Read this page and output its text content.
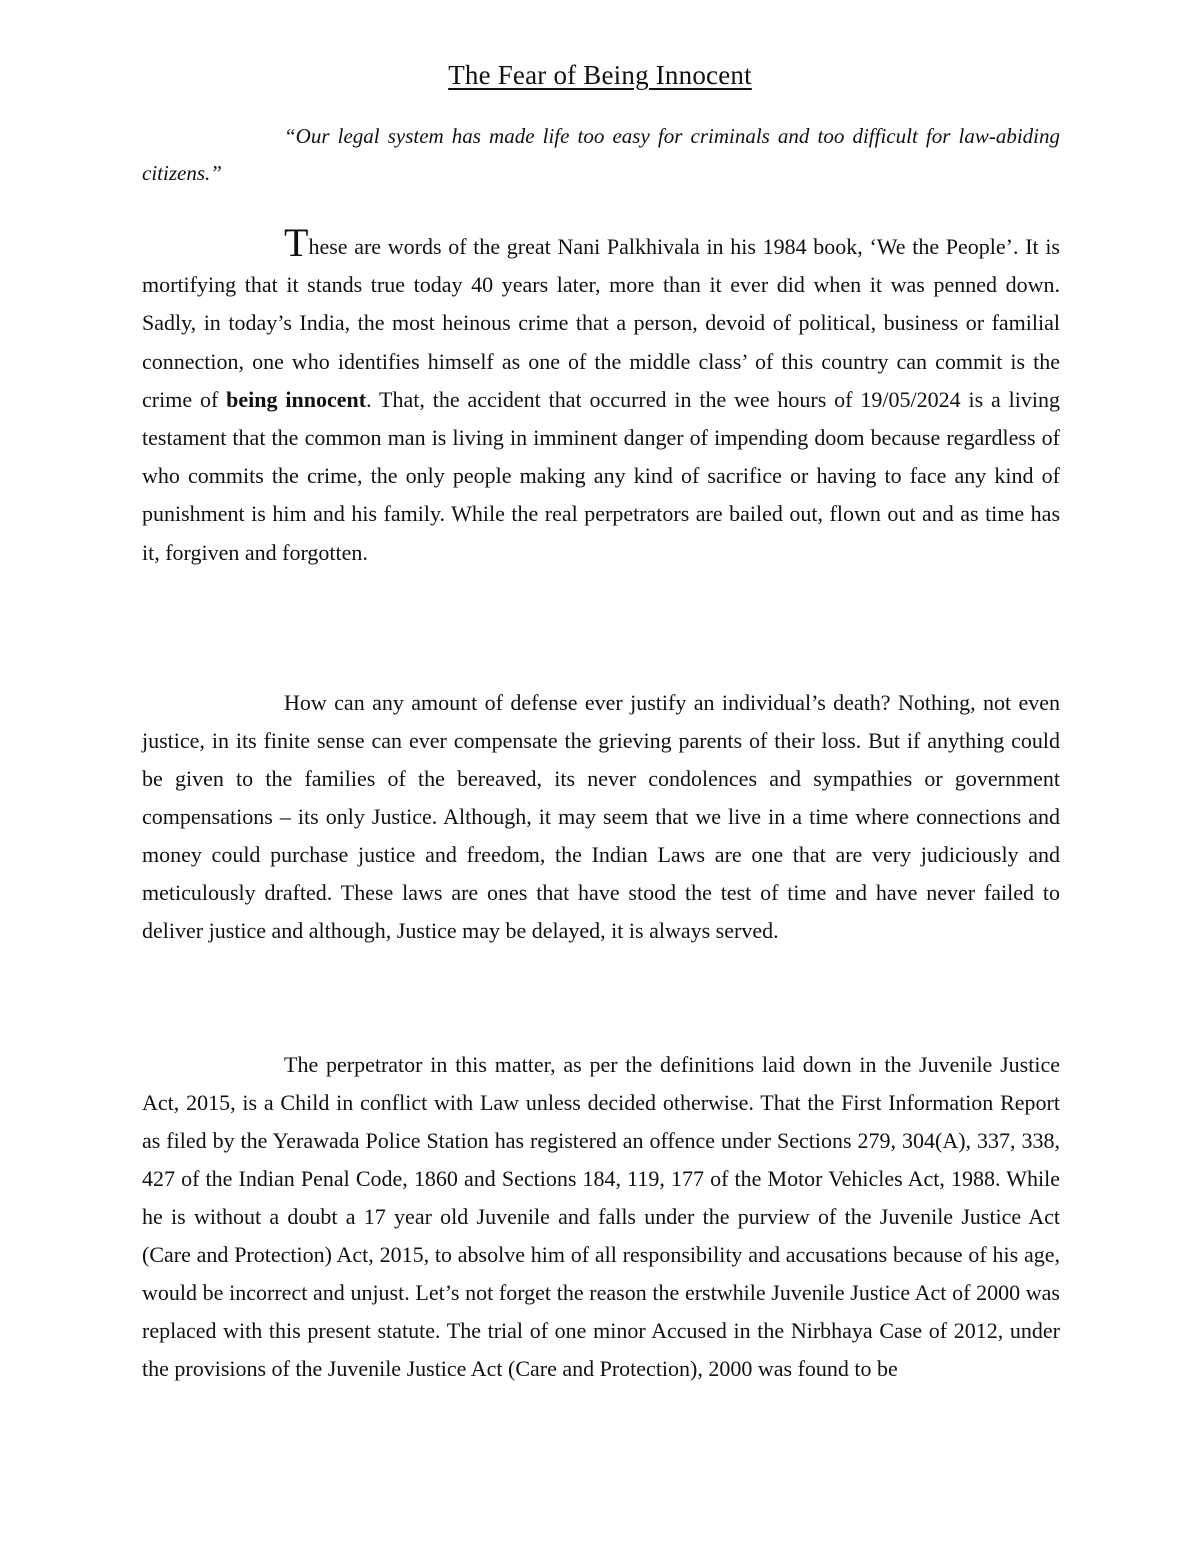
The Fear of Being Innocent

“Our legal system has made life too easy for criminals and too difficult for law-abiding citizens.”

These are words of the great Nani Palkhivala in his 1984 book, ‘We the People’. It is mortifying that it stands true today 40 years later, more than it ever did when it was penned down. Sadly, in today’s India, the most heinous crime that a person, devoid of political, business or familial connection, one who identifies himself as one of the middle class’ of this country can commit is the crime of being innocent. That, the accident that occurred in the wee hours of 19/05/2024 is a living testament that the common man is living in imminent danger of impending doom because regardless of who commits the crime, the only people making any kind of sacrifice or having to face any kind of punishment is him and his family. While the real perpetrators are bailed out, flown out and as time has it, forgiven and forgotten.

How can any amount of defense ever justify an individual’s death? Nothing, not even justice, in its finite sense can ever compensate the grieving parents of their loss. But if anything could be given to the families of the bereaved, its never condolences and sympathies or government compensations – its only Justice. Although, it may seem that we live in a time where connections and money could purchase justice and freedom, the Indian Laws are one that are very judiciously and meticulously drafted. These laws are ones that have stood the test of time and have never failed to deliver justice and although, Justice may be delayed, it is always served.

The perpetrator in this matter, as per the definitions laid down in the Juvenile Justice Act, 2015, is a Child in conflict with Law unless decided otherwise. That the First Information Report as filed by the Yerawada Police Station has registered an offence under Sections 279, 304(A), 337, 338, 427 of the Indian Penal Code, 1860 and Sections 184, 119, 177 of the Motor Vehicles Act, 1988. While he is without a doubt a 17 year old Juvenile and falls under the purview of the Juvenile Justice Act (Care and Protection) Act, 2015, to absolve him of all responsibility and accusations because of his age, would be incorrect and unjust. Let’s not forget the reason the erstwhile Juvenile Justice Act of 2000 was replaced with this present statute. The trial of one minor Accused in the Nirbhaya Case of 2012, under the provisions of the Juvenile Justice Act (Care and Protection), 2000 was found to be
